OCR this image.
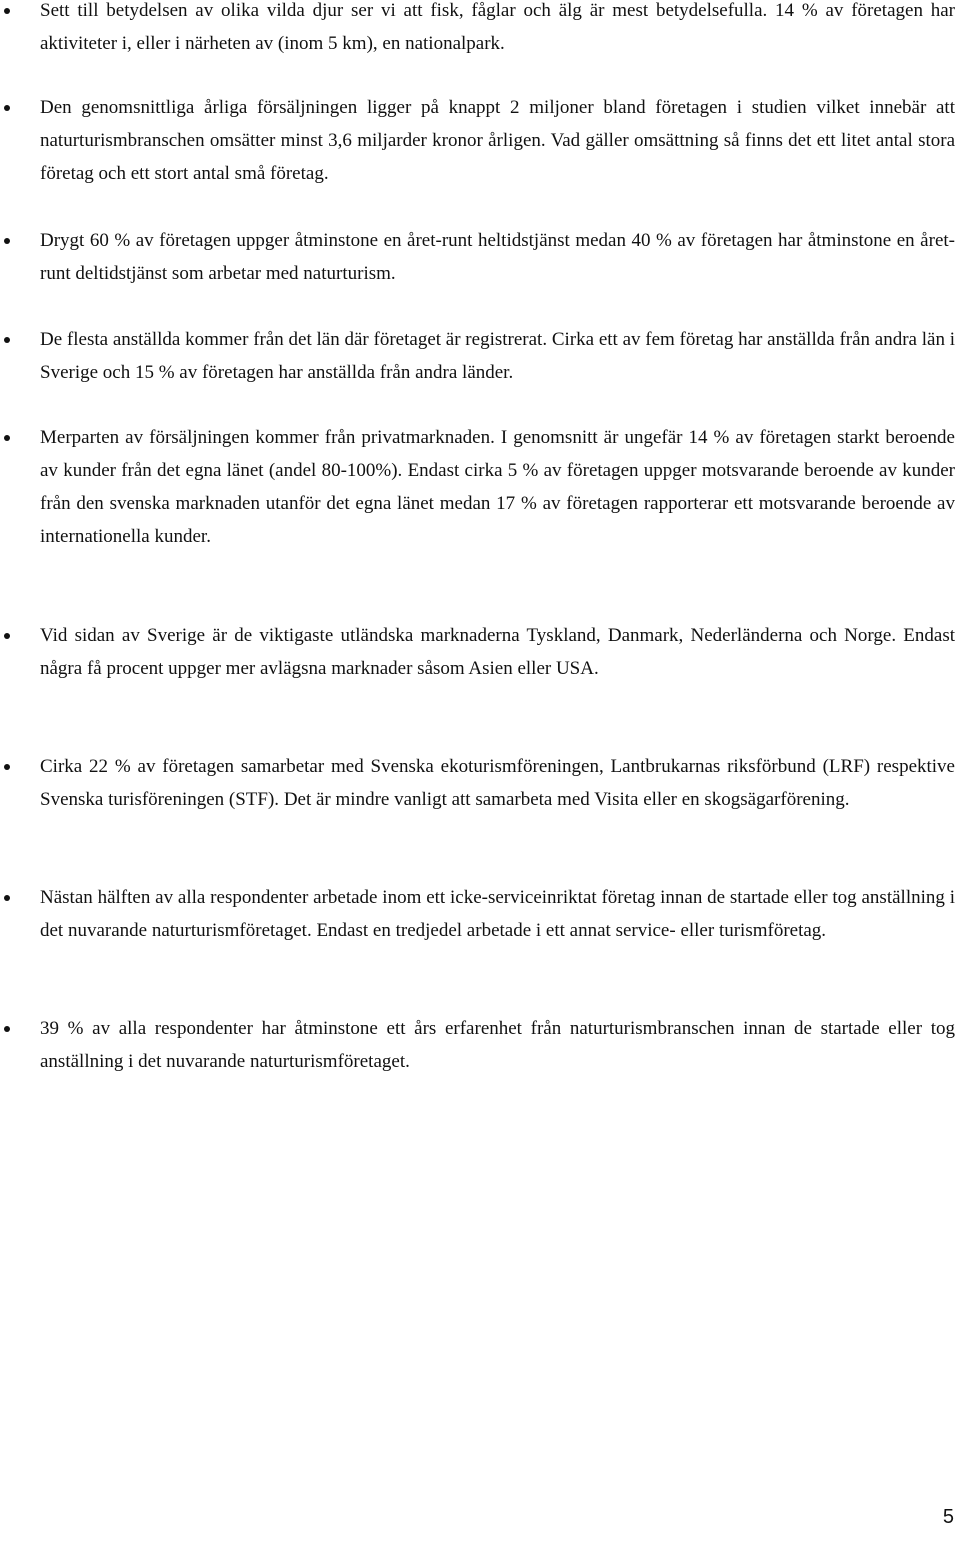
Sett till betydelsen av olika vilda djur ser vi att fisk, fåglar och älg är mest betydelsefulla. 14 % av företagen har aktiviteter i, eller i närheten av (inom 5 km), en nationalpark.
Den genomsnittliga årliga försäljningen ligger på knappt 2 miljoner bland företagen i studien vilket innebär att naturturismbranschen omsätter minst 3,6 miljarder kronor årligen. Vad gäller omsättning så finns det ett litet antal stora företag och ett stort antal små företag.
Drygt 60 % av företagen uppger åtminstone en året-runt heltidstjänst medan 40 % av företagen har åtminstone en året-runt deltidstjänst som arbetar med naturturism.
De flesta anställda kommer från det län där företaget är registrerat. Cirka ett av fem företag har anställda från andra län i Sverige och 15 % av företagen har anställda från andra länder.
Merparten av försäljningen kommer från privatmarknaden. I genomsnitt är ungefär 14 % av företagen starkt beroende av kunder från det egna länet (andel 80-100%). Endast cirka 5 % av företagen uppger motsvarande beroende av kunder från den svenska marknaden utanför det egna länet medan 17 % av företagen rapporterar ett motsvarande beroende av internationella kunder.
Vid sidan av Sverige är de viktigaste utländska marknaderna Tyskland, Danmark, Nederländerna och Norge. Endast några få procent uppger mer avlägsna marknader såsom Asien eller USA.
Cirka 22 % av företagen samarbetar med Svenska ekoturismföreningen, Lantbrukarnas riksförbund (LRF) respektive Svenska turisföreningen (STF). Det är mindre vanligt att samarbeta med Visita eller en skogsägarförening.
Nästan hälften av alla respondenter arbetade inom ett icke-serviceinriktat företag innan de startade eller tog anställning i det nuvarande naturturismföretaget. Endast en tredjedel arbetade i ett annat service- eller turismföretag.
39 % av alla respondenter har åtminstone ett års erfarenhet från naturturismbranschen innan de startade eller tog anställning i det nuvarande naturturismföretaget.
5
